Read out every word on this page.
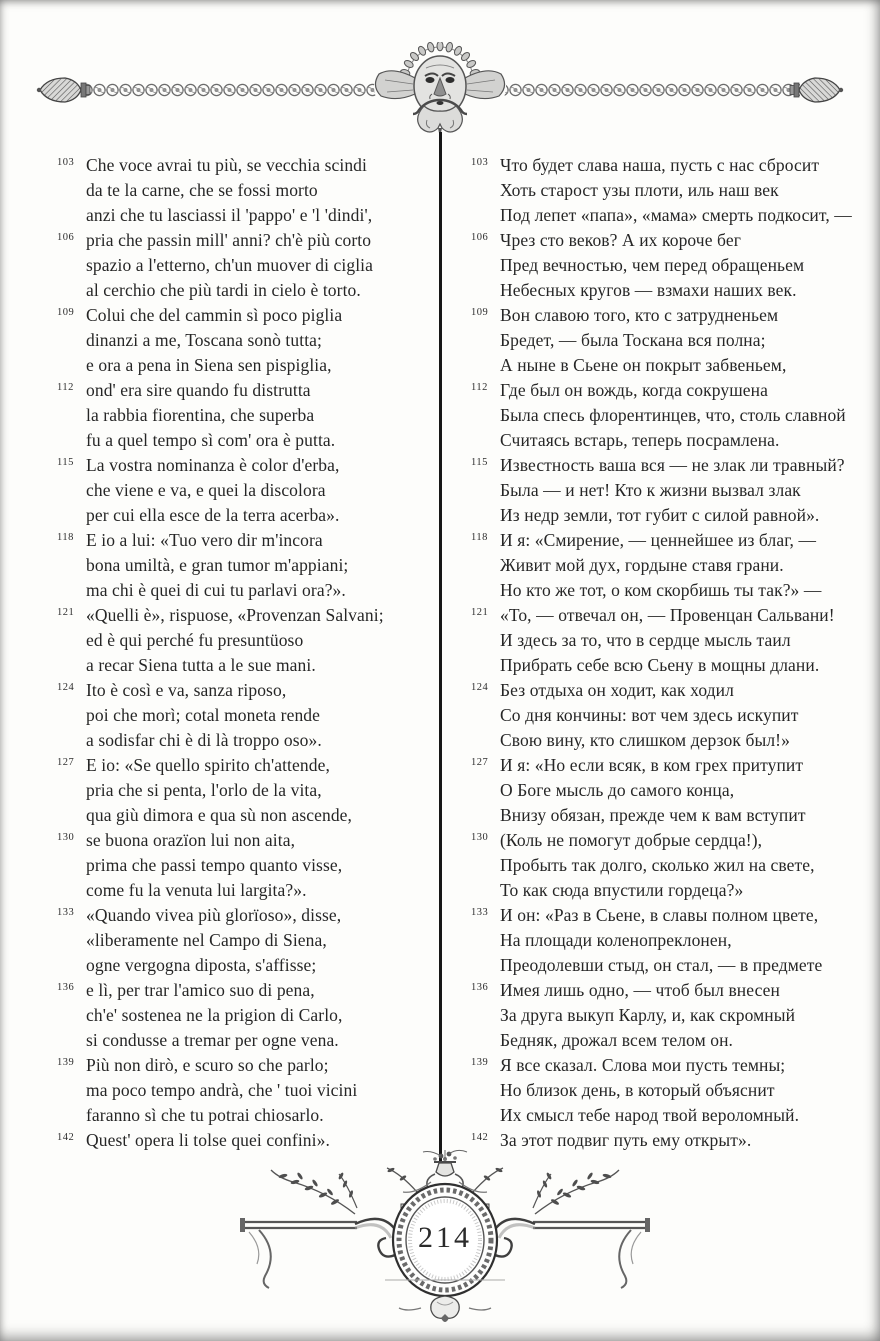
103 Che voce avrai tu più, se vecchia scindi

da te la carne, che se fossi morto

anzi che tu lasciassi il 'pappo' e 'l 'dindi',

106 pria che passin mill' anni? ch'è più corto

spazio a l'etterno, ch'un muover di ciglia

al cerchio che più tardi in cielo è torto.

109 Colui che del cammin sì poco piglia

dinanzi a me, Toscana sonò tutta;

e ora a pena in Siena sen pispiglia,

112 ond' era sire quando fu distrutta

la rabbia fiorentina, che superba

fu a quel tempo sì com' ora è putta.

115 La vostra nominanza è color d'erba,

che viene e va, e quei la discolora

per cui ella esce de la terra acerba».

118 E io a lui: «Tuo vero dir m'incora

bona umiltà, e gran tumor m'appiani;

ma chi è quei di cui tu parlavi ora?».

121 «Quelli è», rispuose, «Provenzan Salvani;

ed è qui perché fu presuntüoso

a recar Siena tutta a le sue mani.

124 Ito è così e va, sanza riposo,

poi che morì; cotal moneta rende

a sodisfar chi è di là troppo oso».

127 E io: «Se quello spirito ch'attende,

pria che si penta, l'orlo de la vita,

qua giù dimora e qua sù non ascende,

130 se buona orazïon lui non aita,

prima che passi tempo quanto visse,

come fu la venuta lui largita?».

133 «Quando vivea più glorïoso», disse,

«liberamente nel Campo di Siena,

ogne vergogna diposta, s'affisse;

136 e lì, per trar l'amico suo di pena,

ch'e' sostenea ne la prigion di Carlo,

si condusse a tremar per ogne vena.

139 Più non dirò, e scuro so che parlo;

ma poco tempo andrà, che ' tuoi vicini

faranno sì che tu potrai chiosarlo.

142 Quest' opera li tolse quei confini».

103 Что будет слава наша, пусть с нас сбросит

Хоть старост узы плоти, иль наш век

Под лепет «папа», «мама» смерть подкосит, —

106 Чрез сто веков? А их короче бег

Пред вечностью, чем перед обращеньем

Небесных кругов — взмахи наших век.

109 Вон славою того, кто с затрудненьем

Бредет, — была Тоскана вся полна;

А ныне в Сьене он покрыт забвеньем,

112 Где был он вождь, когда сокрушена

Была спесь флорентинцев, что, столь славной

Считаясь встарь, теперь посрамлена.

115 Известность ваша вся — не злак ли травный?

Была — и нет! Кто к жизни вызвал злак

Из недр земли, тот губит с силой равной».

118 И я: «Смирение, — ценнейшее из благ, —

Живит мой дух, гордыне ставя грани.

Но кто же тот, о ком скорбишь ты так?» —

121 «То, — отвечал он, — Провенцан Сальвани!

И здесь за то, что в сердце мысль таил

Прибрать себе всю Сьену в мощны длани.

124 Без отдыха он ходит, как ходил

Со дня кончины: вот чем здесь искупит

Свою вину, кто слишком дерзок был!»

127 И я: «Но если всяк, в ком грех притупит

О Боге мысль до самого конца,

Внизу обязан, прежде чем к вам вступит

130 (Коль не помогут добрые сердца!),

Пробыть так долго, сколько жил на свете,

То как сюда впустили гордеца?»

133 И он: «Раз в Сьене, в славы полном цвете,

На площади коленопреклонен,

Преодолевши стыд, он стал, — в предмете

136 Имея лишь одно, — чтоб был внесен

За друга выкуп Карлу, и, как скромный

Бедняк, дрожал всем телом он.

139 Я все сказал. Слова мои пусть темны;

Но близок день, в который объяснит

Их смысл тебе народ твой вероломный.

142 За этот подвиг путь ему открыт».

214
